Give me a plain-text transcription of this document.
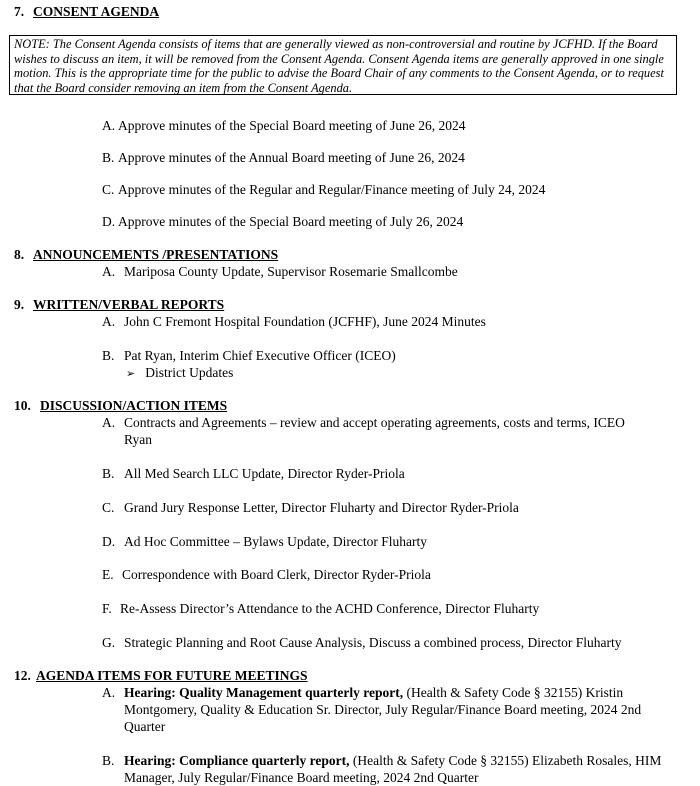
7. CONSENT AGENDA
NOTE: The Consent Agenda consists of items that are generally viewed as non-controversial and routine by JCFHD. If the Board wishes to discuss an item, it will be removed from the Consent Agenda. Consent Agenda items are generally approved in one single motion. This is the appropriate time for the public to advise the Board Chair of any comments to the Consent Agenda, or to request that the Board consider removing an item from the Consent Agenda.
A. Approve minutes of the Special Board meeting of June 26, 2024
B. Approve minutes of the Annual Board meeting of June 26, 2024
C. Approve minutes of the Regular and Regular/Finance meeting of July 24, 2024
D. Approve minutes of the Special Board meeting of July 26, 2024
8. ANNOUNCEMENTS /PRESENTATIONS
A. Mariposa County Update, Supervisor Rosemarie Smallcombe
9. WRITTEN/VERBAL REPORTS
A. John C Fremont Hospital Foundation (JCFHF), June 2024 Minutes
B. Pat Ryan, Interim Chief Executive Officer (ICEO)
➢ District Updates
10. DISCUSSION/ACTION ITEMS
A. Contracts and Agreements – review and accept operating agreements, costs and terms, ICEO Ryan
B. All Med Search LLC Update, Director Ryder-Priola
C. Grand Jury Response Letter, Director Fluharty and Director Ryder-Priola
D. Ad Hoc Committee – Bylaws Update, Director Fluharty
E. Correspondence with Board Clerk, Director Ryder-Priola
F. Re-Assess Director’s Attendance to the ACHD Conference, Director Fluharty
G. Strategic Planning and Root Cause Analysis, Discuss a combined process, Director Fluharty
12. AGENDA ITEMS FOR FUTURE MEETINGS
A. Hearing: Quality Management quarterly report, (Health & Safety Code § 32155) Kristin Montgomery, Quality & Education Sr. Director, July Regular/Finance Board meeting, 2024 2nd Quarter
B. Hearing: Compliance quarterly report, (Health & Safety Code § 32155) Elizabeth Rosales, HIM Manager, July Regular/Finance Board meeting, 2024 2nd Quarter
